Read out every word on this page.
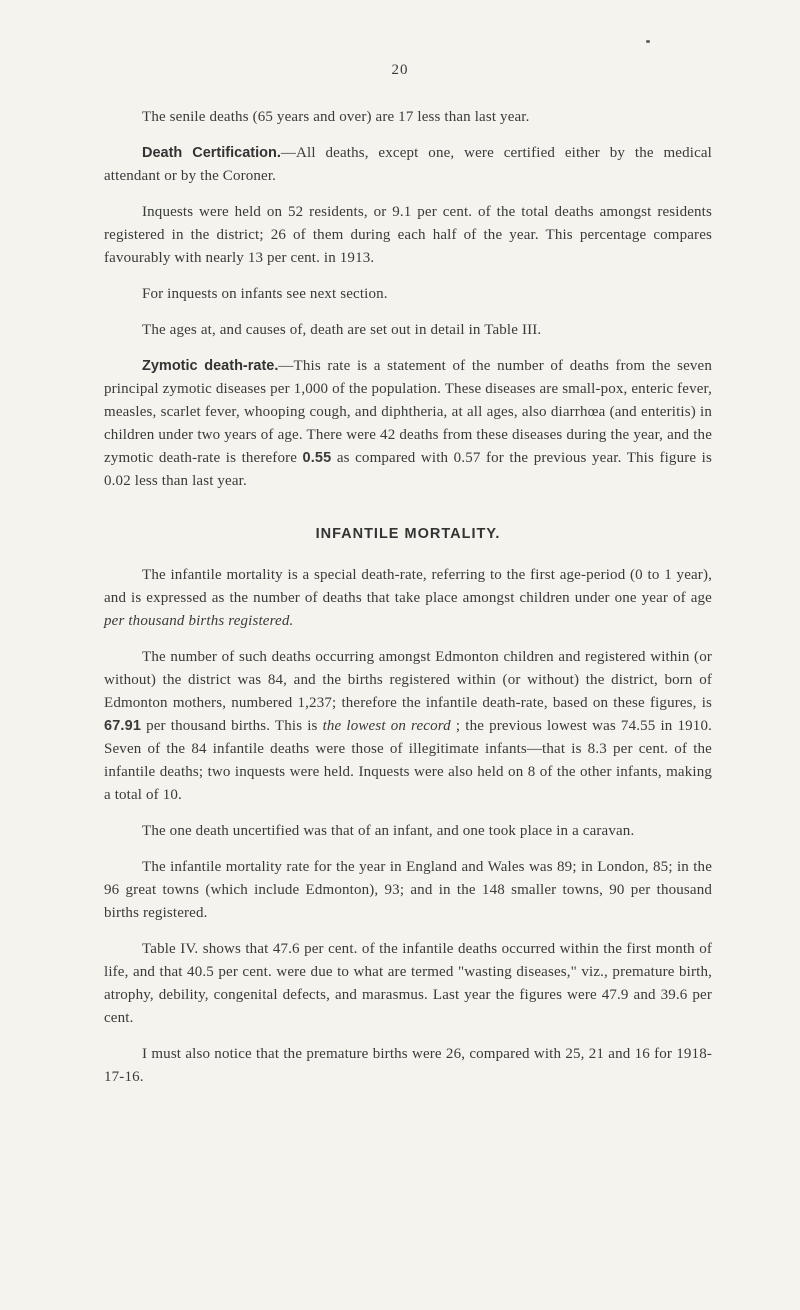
20

The senile deaths (65 years and over) are 17 less than last year.

Death Certification.—All deaths, except one, were certified either by the medical attendant or by the Coroner.

Inquests were held on 52 residents, or 9.1 per cent. of the total deaths amongst residents registered in the district; 26 of them during each half of the year. This percentage compares favourably with nearly 13 per cent. in 1913.

For inquests on infants see next section.

The ages at, and causes of, death are set out in detail in Table III.

Zymotic death-rate.—This rate is a statement of the number of deaths from the seven principal zymotic diseases per 1,000 of the population. These diseases are small-pox, enteric fever, measles, scarlet fever, whooping cough, and diphtheria, at all ages, also diarrhœa (and enteritis) in children under two years of age. There were 42 deaths from these diseases during the year, and the zymotic death-rate is therefore 0.55 as compared with 0.57 for the previous year. This figure is 0.02 less than last year.

INFANTILE MORTALITY.

The infantile mortality is a special death-rate, referring to the first age-period (0 to 1 year), and is expressed as the number of deaths that take place amongst children under one year of age per thousand births registered.

The number of such deaths occurring amongst Edmonton children and registered within (or without) the district was 84, and the births registered within (or without) the district, born of Edmonton mothers, numbered 1,237; therefore the infantile death-rate, based on these figures, is 67.91 per thousand births. This is the lowest on record ; the previous lowest was 74.55 in 1910. Seven of the 84 infantile deaths were those of illegitimate infants—that is 8.3 per cent. of the infantile deaths; two inquests were held. Inquests were also held on 8 of the other infants, making a total of 10.

The one death uncertified was that of an infant, and one took place in a caravan.

The infantile mortality rate for the year in England and Wales was 89; in London, 85; in the 96 great towns (which include Edmonton), 93; and in the 148 smaller towns, 90 per thousand births registered.

Table IV. shows that 47.6 per cent. of the infantile deaths occurred within the first month of life, and that 40.5 per cent. were due to what are termed "wasting diseases," viz., premature birth, atrophy, debility, congenital defects, and marasmus. Last year the figures were 47.9 and 39.6 per cent.

I must also notice that the premature births were 26, compared with 25, 21 and 16 for 1918-17-16.
